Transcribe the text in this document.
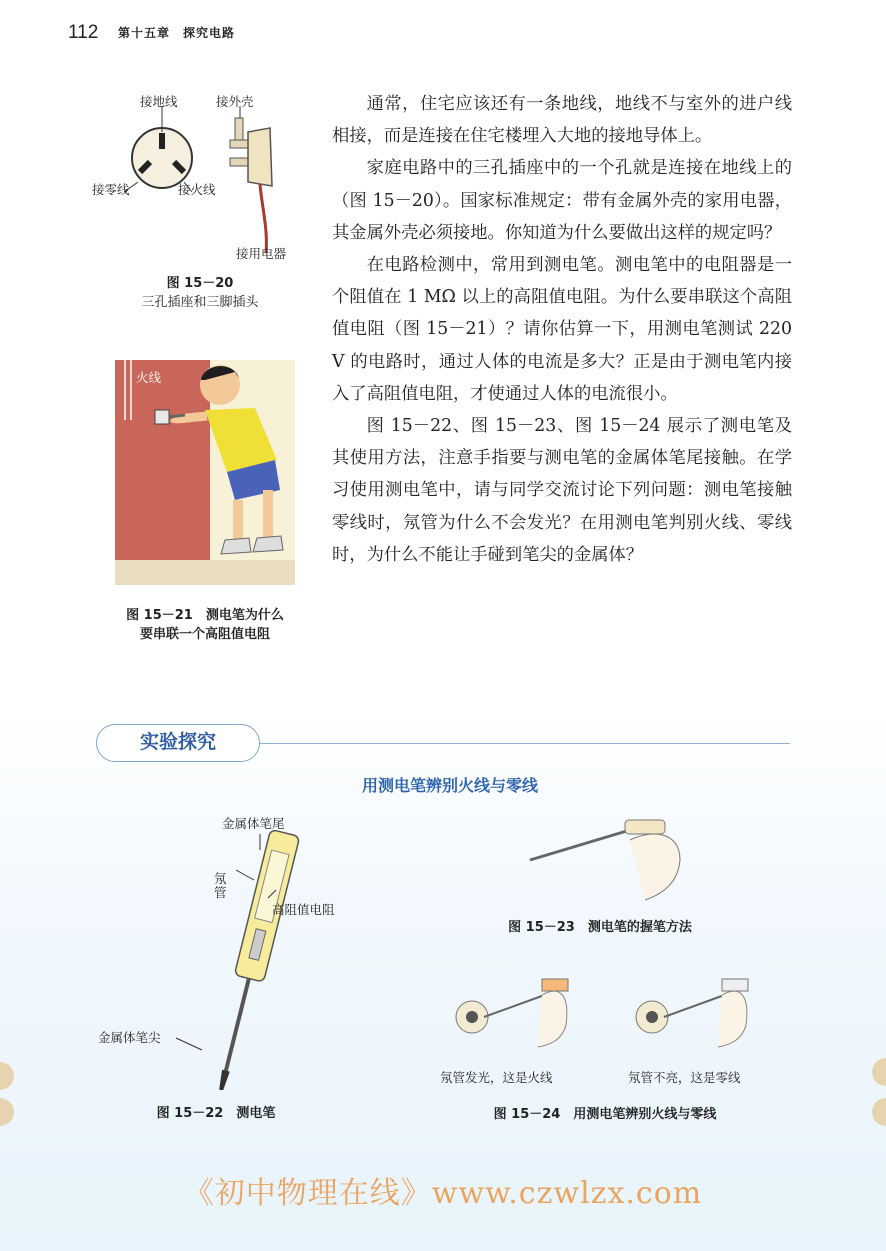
112 第十五章　探究电路

通常，住宅应该还有一条地线，地线不与室外的进户线相接，而是连接在住宅楼埋入大地的接地导体上。

家庭电路中的三孔插座中的一个孔就是连接在地线上的（图 15－20）。国家标准规定：带有金属外壳的家用电器，其金属外壳必须接地。你知道为什么要做出这样的规定吗？

在电路检测中，常用到测电笔。测电笔中的电阻器是一个阻值在 1 MΩ 以上的高阻值电阻。为什么要串联这个高阻值电阻（图 15－21）？请你估算一下，用测电笔测试 220 V 的电路时，通过人体的电流是多大？正是由于测电笔内接入了高阻值电阻，才使通过人体的电流很小。

图 15－22、图 15－23、图 15－24 展示了测电笔及其使用方法，注意手指要与测电笔的金属体笔尾接触。在学习使用测电笔中，请与同学交流讨论下列问题：测电笔接触零线时，氖管为什么不会发光？在用测电笔判别火线、零线时，为什么不能让手碰到笔尖的金属体？

接地线	接外壳
接零线	接火线
接用电器
图 15－20
三孔插座和三脚插头
火线
图 15－21　测电笔为什么
要串联一个高阻值电阻
实验探究
用测电笔辨别火线与零线
金属体笔尾
氖管
高阻值电阻
金属体笔尖
图 15－22　测电笔
图 15－23　测电笔的握笔方法
氖管发光，这是火线	氖管不亮，这是零线
图 15－24　用测电笔辨别火线与零线
《初中物理在线》www.czwlzx.com
